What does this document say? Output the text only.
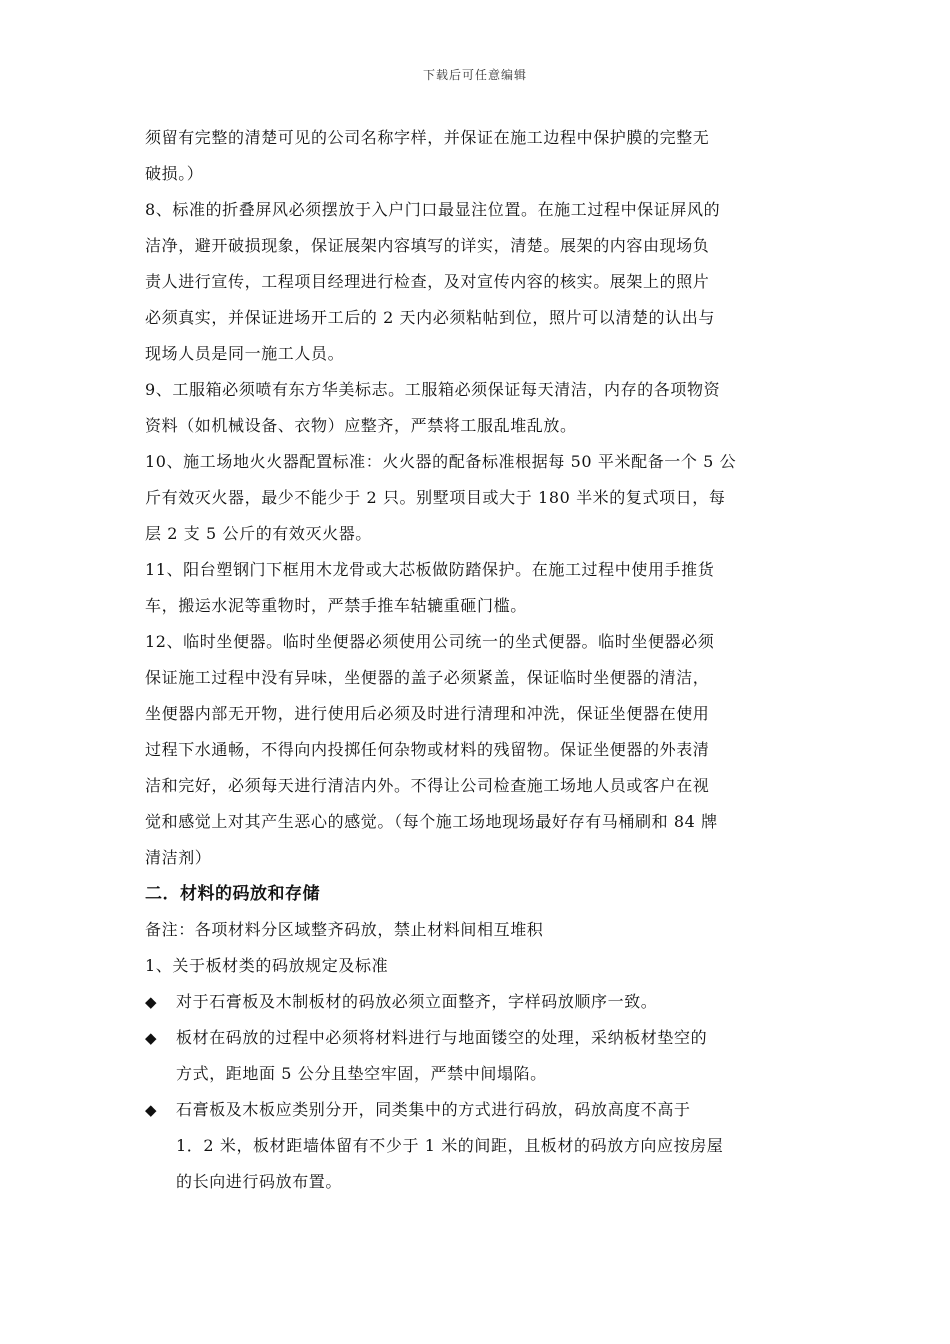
下载后可任意编辑
须留有完整的清楚可见的公司名称字样，并保证在施工边程中保护膜的完整无
破损。）
8、标准的折叠屏风必须摆放于入户门口最显注位置。在施工过程中保证屏风的
洁净，避开破损现象，保证展架内容填写的详实，清楚。展架的内容由现场负
责人进行宣传，工程项目经理进行检查，及对宣传内容的核实。展架上的照片
必须真实，并保证进场开工后的 2 天内必须粘帖到位，照片可以清楚的认出与
现场人员是同一施工人员。
9、工服箱必须喷有东方华美标志。工服箱必须保证每天清洁，内存的各项物资
资料（如机械设备、衣物）应整齐，严禁将工服乱堆乱放。
10、施工场地火火器配置标准：火火器的配备标准根据每 50 平米配备一个 5 公
斤有效灭火器，最少不能少于 2 只。别墅项目或大于 180 半米的复式项日，每
层 2 支 5 公斤的有效灭火器。
11、阳台塑钢门下框用木龙骨或大芯板做防踏保护。在施工过程中使用手推货
车，搬运水泥等重物时，严禁手推车轱辘重砸门槛。
12、临时坐便器。临时坐便器必须使用公司统一的坐式便器。临时坐便器必须
保证施工过程中没有异味，坐便器的盖子必须紧盖，保证临时坐便器的清洁，
坐便器内部无开物，进行使用后必须及时进行清理和冲洗，保证坐便器在使用
过程下水通畅，不得向内投掷任何杂物或材料的残留物。保证坐便器的外表清
洁和完好，必须每天进行清洁内外。不得让公司检查施工场地人员或客户在视
觉和感觉上对其产生恶心的感觉。（每个施工场地现场最好存有马桶刷和 84 牌
清洁剂）
二．材料的码放和存储
备注：各项材料分区域整齐码放，禁止材料间相互堆积
1、关于板材类的码放规定及标准
◆ 对于石膏板及木制板材的码放必须立面整齐，字样码放顺序一致。
◆ 板材在码放的过程中必须将材料进行与地面镂空的处理，采纳板材垫空的
方式，距地面 5 公分且垫空牢固，严禁中间塌陷。
◆ 石膏板及木板应类别分开，同类集中的方式进行码放，码放高度不高于
1．2 米，板材距墙体留有不少于 1 米的间距，且板材的码放方向应按房屋
的长向进行码放布置。
